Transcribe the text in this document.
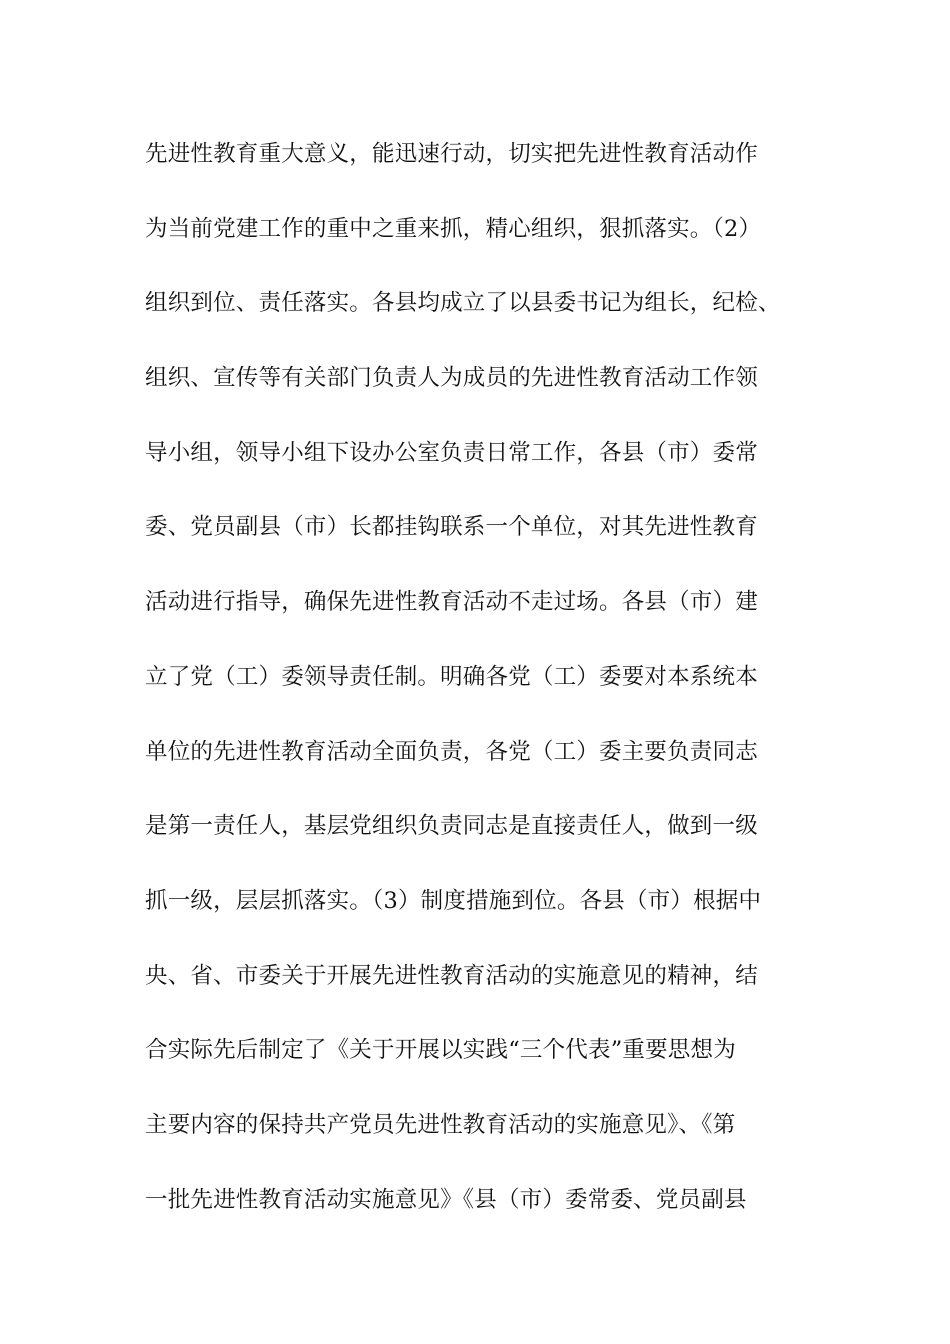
先进性教育重大意义，能迅速行动，切实把先进性教育活动作
为当前党建工作的重中之重来抓，精心组织，狠抓落实。（2）
组织到位、责任落实。各县均成立了以县委书记为组长，纪检、
组织、宣传等有关部门负责人为成员的先进性教育活动工作领
导小组，领导小组下设办公室负责日常工作，各县（市）委常
委、党员副县（市）长都挂钩联系一个单位，对其先进性教育
活动进行指导，确保先进性教育活动不走过场。各县（市）建
立了党（工）委领导责任制。明确各党（工）委要对本系统本
单位的先进性教育活动全面负责，各党（工）委主要负责同志
是第一责任人，基层党组织负责同志是直接责任人，做到一级
抓一级，层层抓落实。（3）制度措施到位。各县（市）根据中
央、省、市委关于开展先进性教育活动的实施意见的精神，结
合实际先后制定了《关于开展以实践“三个代表”重要思想为
主要内容的保持共产党员先进性教育活动的实施意见》、《第
一批先进性教育活动实施意见》《县（市）委常委、党员副县
